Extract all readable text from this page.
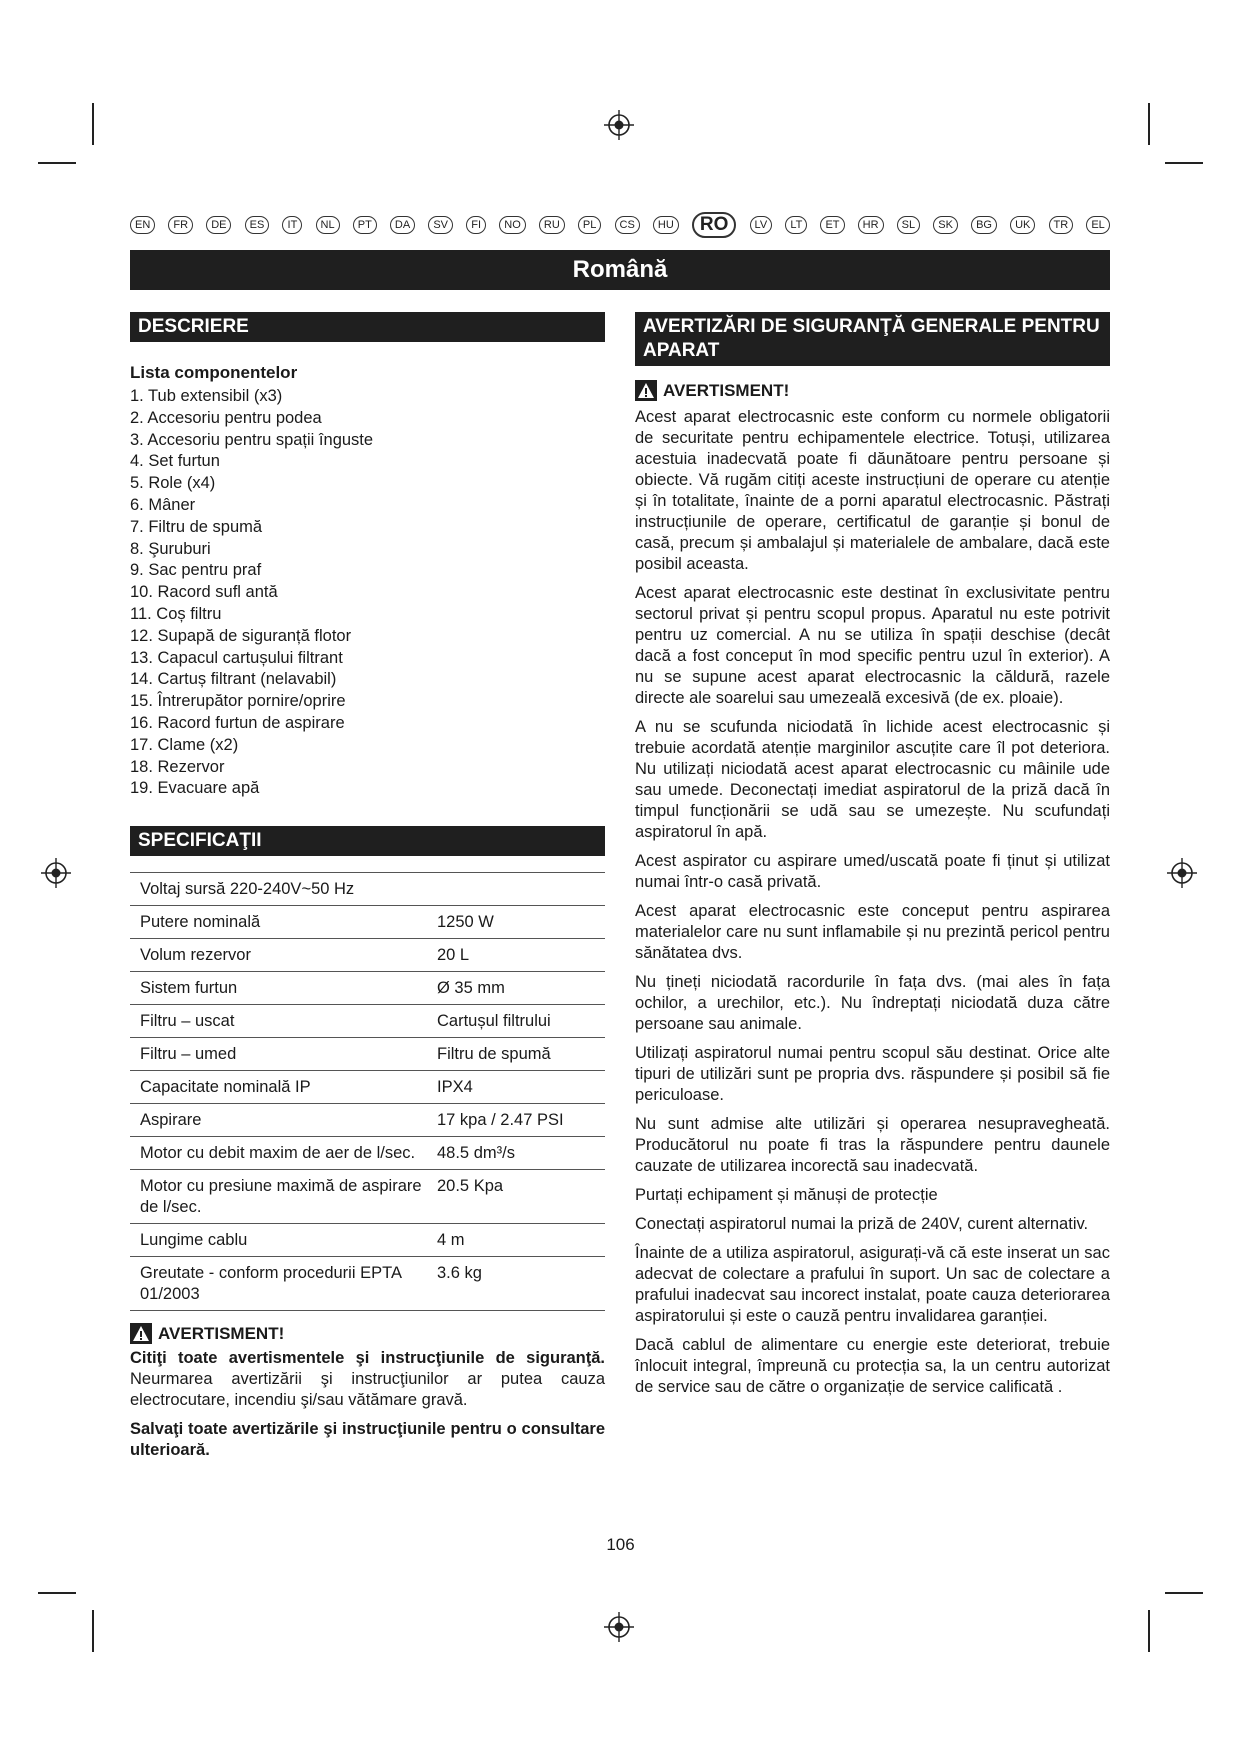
EN	FR	DE	ES	IT	NL	PT	DA	SV	FI	NO	RU	PL	CS	HU	RO	LV	LT	ET	HR	SL	SK	BG	UK	TR	EL
Română
DESCRIERE
Lista componentelor
1. Tub extensibil (x3)
2. Accesoriu pentru podea
3. Accesoriu pentru spații înguste
4. Set furtun
5. Role (x4)
6. Mâner
7. Filtru de spumă
8. Şuruburi
9. Sac pentru praf
10. Racord sufl antă
11. Coș filtru
12. Supapă de siguranță flotor
13. Capacul cartușului filtrant
14. Cartuș filtrant (nelavabil)
15. Întrerupător pornire/oprire
16. Racord furtun de aspirare
17. Clame (x2)
18. Rezervor
19. Evacuare apă
SPECIFICAŢII
Voltaj sursă 220-240V~50 Hz	
Putere nominală	1250 W
Volum rezervor	20 L
Sistem furtun	Ø 35 mm
Filtru – uscat	Cartușul filtrului
Filtru – umed	Filtru de spumă
Capacitate nominală IP	IPX4
Aspirare	17 kpa / 2.47 PSI
Motor cu debit maxim de aer de l/sec.	48.5 dm³/s
Motor cu presiune maximă de aspirare de l/sec.	20.5 Kpa
Lungime cablu	4 m
Greutate - conform procedurii EPTA 01/2003	3.6 kg
AVERTISMENT!

Citiţi toate avertismentele şi instrucţiunile de siguranţă. Neurmarea avertizării şi instrucţiunilor ar putea cauza electrocutare, incendiu şi/sau vătămare gravă.

Salvaţi toate avertizările şi instrucţiunile pentru o consultare ulterioară.

AVERTIZĂRI DE SIGURANŢĂ GENERALE PENTRU APARAT
AVERTISMENT!

Acest aparat electrocasnic este conform cu normele obligatorii de securitate pentru echipamentele electrice. Totuși, utilizarea acestuia inadecvată poate fi dăunătoare pentru persoane și obiecte. Vă rugăm citiți aceste instrucțiuni de operare cu atenție și în totalitate, înainte de a porni aparatul electrocasnic. Păstrați instrucțiunile de operare, certificatul de garanție și bonul de casă, precum și ambalajul și materialele de ambalare, dacă este posibil aceasta.

Acest aparat electrocasnic este destinat în exclusivitate pentru sectorul privat și pentru scopul propus. Aparatul nu este potrivit pentru uz comercial. A nu se utiliza în spații deschise (decât dacă a fost conceput în mod specific pentru uzul în exterior). A nu se supune acest aparat electrocasnic la căldură, razele directe ale soarelui sau umezeală excesivă (de ex. ploaie).

A nu se scufunda niciodată în lichide acest electrocasnic și trebuie acordată atenție marginilor ascuțite care îl pot deteriora. Nu utilizați niciodată acest aparat electrocasnic cu mâinile ude sau umede. Deconectați imediat aspiratorul de la priză dacă în timpul funcționării se udă sau se umezește. Nu scufundați aspiratorul în apă.

Acest aspirator cu aspirare umed/uscată poate fi ținut și utilizat numai într-o casă privată.

Acest aparat electrocasnic este conceput pentru aspirarea materialelor care nu sunt inflamabile și nu prezintă pericol pentru sănătatea dvs.

Nu țineți niciodată racordurile în fața dvs. (mai ales în fața ochilor, a urechilor, etc.). Nu îndreptați niciodată duza către persoane sau animale.

Utilizați aspiratorul numai pentru scopul său destinat. Orice alte tipuri de utilizări sunt pe propria dvs. răspundere și posibil să fie periculoase.

Nu sunt admise alte utilizări și operarea nesupravegheată. Producătorul nu poate fi tras la răspundere pentru daunele cauzate de utilizarea incorectă sau inadecvată.

Purtați echipament și mănuși de protecție

Conectați aspiratorul numai la priză de 240V, curent alternativ.

Înainte de a utiliza aspiratorul, asigurați-vă că este inserat un sac adecvat de colectare a prafului în suport. Un sac de colectare a prafului inadecvat sau incorect instalat, poate cauza deteriorarea aspiratorului și este o cauză pentru invalidarea garanției.

Dacă cablul de alimentare cu energie este deteriorat, trebuie înlocuit integral, împreună cu protecția sa, la un centru autorizat de service sau de către o organizație de service calificată .

106
